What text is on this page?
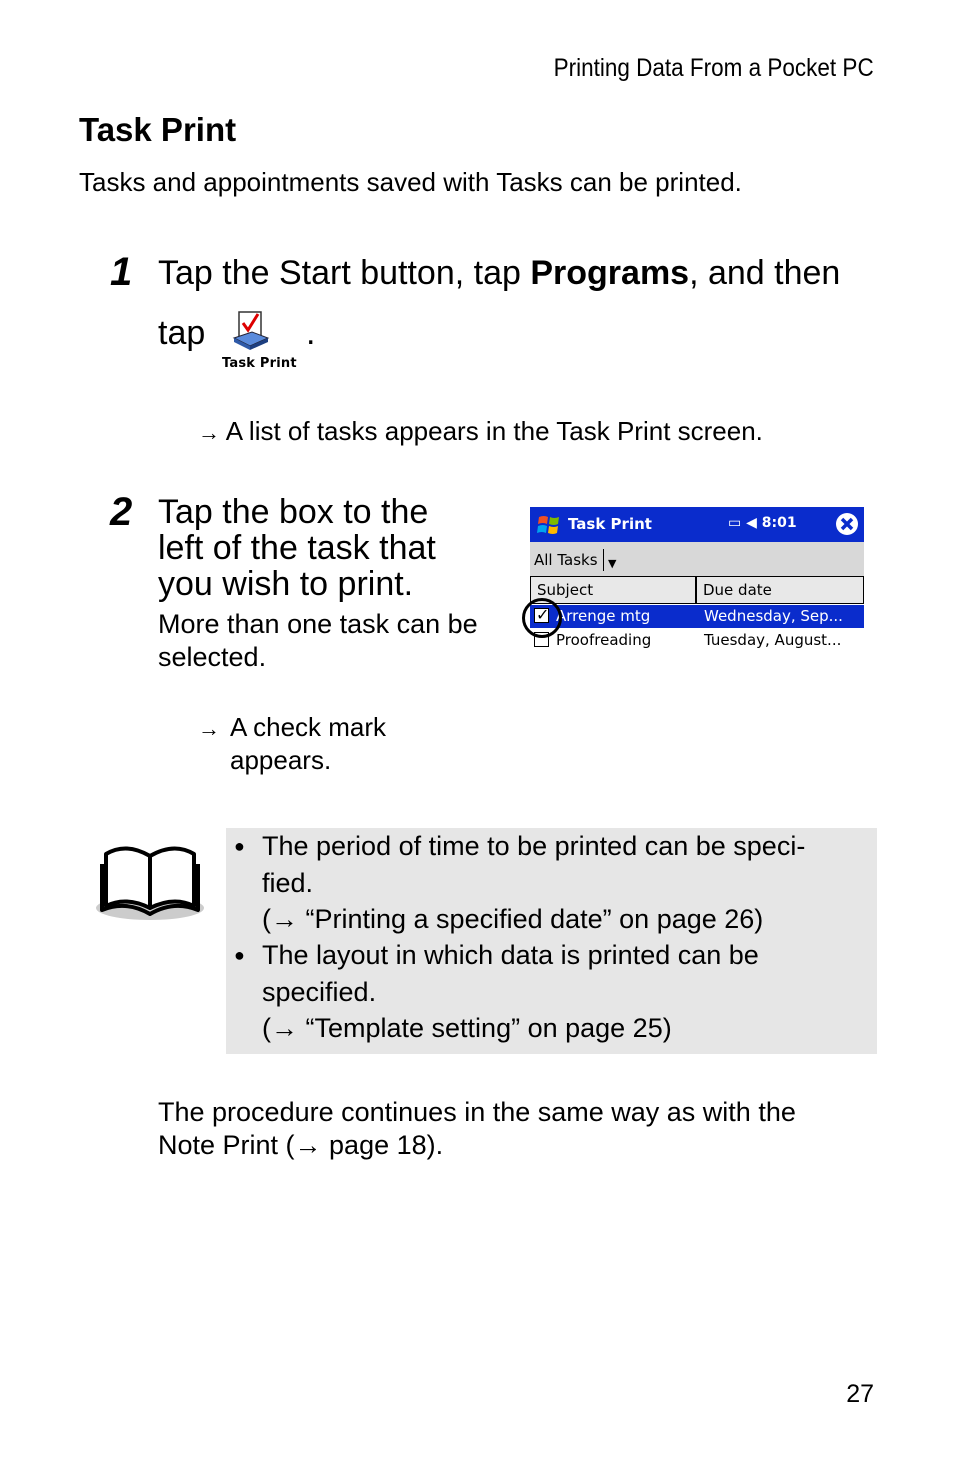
Printing Data From a Pocket PC
Task Print
Tasks and appointments saved with Tasks can be printed.
1 Tap the Start button, tap Programs, and then
tap
Task Print
.
→ A list of tasks appears in the Task Print screen.
2 Tap the box to the left of the task that you wish to print.
More than one task can be selected.
→ A check mark
appears.
Task Print	▭ ◀︎ 8:01
All Tasks ▼
Subject	Due date
✓ Arrenge mtg	Wednesday, Sep...
Proofreading	Tuesday, August...
● The period of time to be printed can be speci-
fied.
(→ “Printing a specified date” on page 26)
● The layout in which data is printed can be
specified.
(→ “Template setting” on page 25)
The procedure continues in the same way as with the
Note Print (→ page 18).
27
